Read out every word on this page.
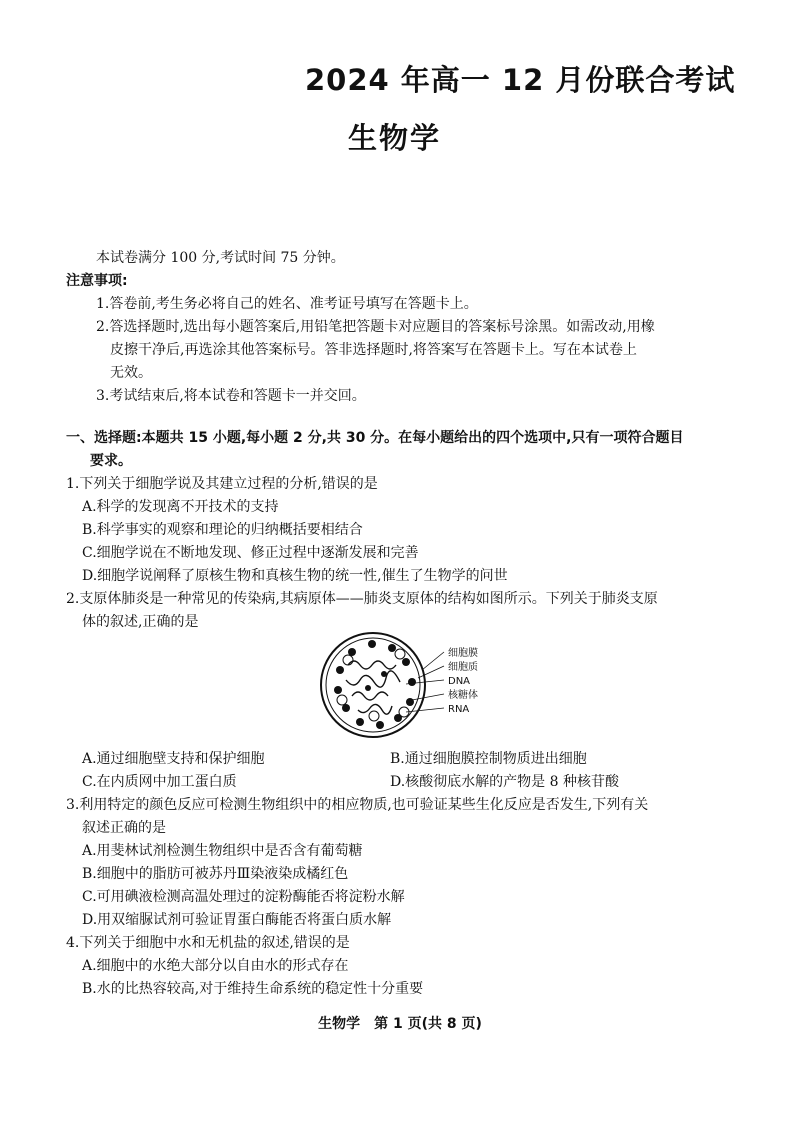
2024 年高一 12 月份联合考试
生物学
本试卷满分 100 分,考试时间 75 分钟。
注意事项:
1.答卷前,考生务必将自己的姓名、准考证号填写在答题卡上。
2.答选择题时,选出每小题答案后,用铅笔把答题卡对应题目的答案标号涂黑。如需改动,用橡
皮擦干净后,再选涂其他答案标号。答非选择题时,将答案写在答题卡上。写在本试卷上
无效。
3.考试结束后,将本试卷和答题卡一并交回。
一、选择题:本题共 15 小题,每小题 2 分,共 30 分。在每小题给出的四个选项中,只有一项符合题目
要求。
1.下列关于细胞学说及其建立过程的分析,错误的是
A.科学的发现离不开技术的支持
B.科学事实的观察和理论的归纳概括要相结合
C.细胞学说在不断地发现、修正过程中逐渐发展和完善
D.细胞学说阐释了原核生物和真核生物的统一性,催生了生物学的问世
2.支原体肺炎是一种常见的传染病,其病原体——肺炎支原体的结构如图所示。下列关于肺炎支原
体的叙述,正确的是
细胞膜
细胞质
DNA
核糖体
RNA
A.通过细胞壁支持和保护细胞	B.通过细胞膜控制物质进出细胞
C.在内质网中加工蛋白质	D.核酸彻底水解的产物是 8 种核苷酸
3.利用特定的颜色反应可检测生物组织中的相应物质,也可验证某些生化反应是否发生,下列有关
叙述正确的是
A.用斐林试剂检测生物组织中是否含有葡萄糖
B.细胞中的脂肪可被苏丹Ⅲ染液染成橘红色
C.可用碘液检测高温处理过的淀粉酶能否将淀粉水解
D.用双缩脲试剂可验证胃蛋白酶能否将蛋白质水解
4.下列关于细胞中水和无机盐的叙述,错误的是
A.细胞中的水绝大部分以自由水的形式存在
B.水的比热容较高,对于维持生命系统的稳定性十分重要
生物学　第 1 页(共 8 页)
